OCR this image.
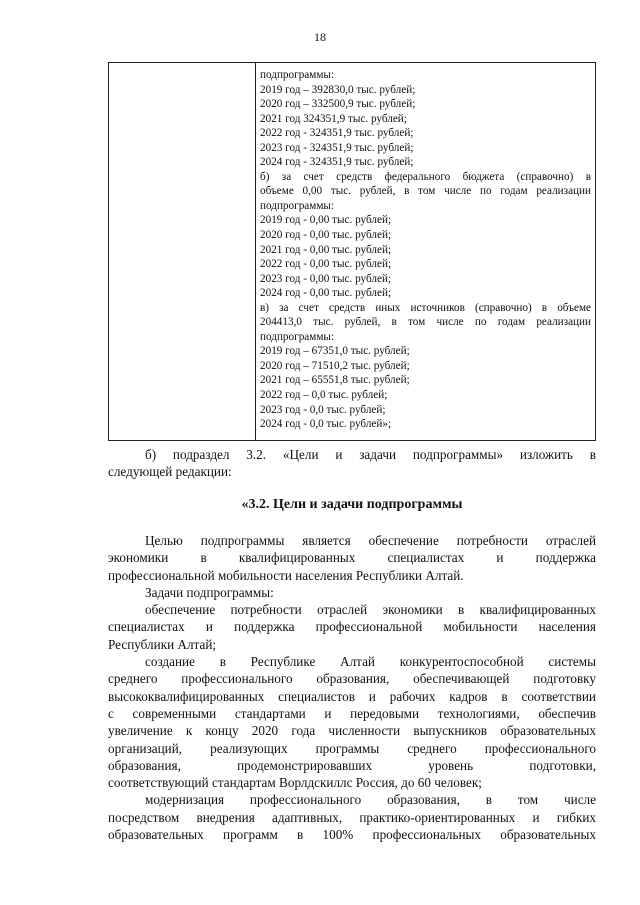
18
подпрограммы:
2019 год – 392830,0 тыс. рублей;
2020 год – 332500,9 тыс. рублей;
2021 год 324351,9 тыс. рублей;
2022 год - 324351,9 тыс. рублей;
2023 год - 324351,9 тыс. рублей;
2024 год - 324351,9 тыс. рублей;
б) за счет средств федерального бюджета (справочно) в
объеме 0,00 тыс. рублей, в том числе по годам реализации
подпрограммы:
2019 год - 0,00 тыс. рублей;
2020 год - 0,00 тыс. рублей;
2021 год - 0,00 тыс. рублей;
2022 год - 0,00 тыс. рублей;
2023 год - 0,00 тыс. рублей;
2024 год - 0,00 тыс. рублей;
в) за счет средств иных источников (справочно) в объеме
204413,0 тыс. рублей, в том числе по годам реализации
подпрограммы:
2019 год – 67351,0 тыс. рублей;
2020 год – 71510,2 тыс. рублей;
2021 год – 65551,8 тыс. рублей;
2022 год – 0,0 тыс. рублей;
2023 год - 0,0 тыс. рублей;
2024 год - 0,0 тыс. рублей»;
б) подраздел 3.2. «Цели и задачи подпрограммы» изложить в
следующей редакции:
«3.2. Цели и задачи подпрограммы
Целью подпрограммы является обеспечение потребности отраслей
экономики в квалифицированных специалистах и поддержка
профессиональной мобильности населения Республики Алтай.
Задачи подпрограммы:
обеспечение потребности отраслей экономики в квалифицированных
специалистах и поддержка профессиональной мобильности населения
Республики Алтай;
создание в Республике Алтай конкурентоспособной системы
среднего профессионального образования, обеспечивающей подготовку
высококвалифицированных специалистов и рабочих кадров в соответствии
с современными стандартами и передовыми технологиями, обеспечив
увеличение к концу 2020 года численности выпускников образовательных
организаций, реализующих программы среднего профессионального
образования, продемонстрировавших уровень подготовки,
соответствующий стандартам Ворлдскиллс Россия, до 60 человек;
модернизация профессионального образования, в том числе
посредством внедрения адаптивных, практико-ориентированных и гибких
образовательных программ в 100% профессиональных образовательных
